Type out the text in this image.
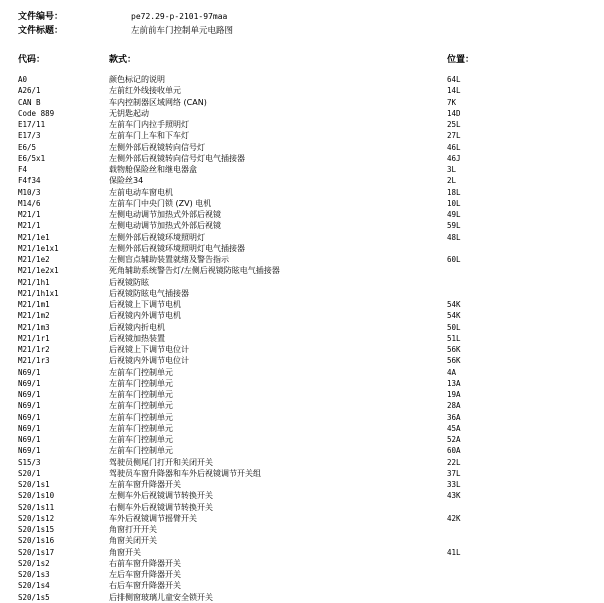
文件编号：	pe72.29-p-2101-97maa
文件标题：	左前前车门控制单元电路图
代码：	款式：	位置：
A0	颜色标记的说明	64L
A26/1	左前红外线接收单元	14L
CAN B	车内控制器区域网络 (CAN)	7K
Code 889	无钥匙起动	14D
E17/11	左前车门内拉手照明灯	25L
E17/3	左前车门上车和下车灯	27L
E6/5	左侧外部后视镜转向信号灯	46L
E6/5x1	左侧外部后视镜转向信号灯电气插接器	46J
F4	载物舱保险丝和继电器盒	3L
F4f34	保险丝34	2L
M10/3	左前电动车窗电机	18L
M14/6	左前车门中央门锁 (ZV) 电机	10L
M21/1	左侧电动调节加热式外部后视镜	49L
M21/1	左侧电动调节加热式外部后视镜	59L
M21/1e1	左侧外部后视镜环境照明灯	48L
M21/1e1x1	左侧外部后视镜环境照明灯电气插接器
M21/1e2	左侧盲点辅助装置就绪及警告指示	60L
M21/1e2x1	死角辅助系统警告灯/左侧后视镜防眩电气插接器
M21/1h1	后视镜防眩
M21/1h1x1	后视镜防眩电气插接器
M21/1m1	后视镜上下调节电机	54K
M21/1m2	后视镜内外调节电机	54K
M21/1m3	后视镜内折电机	50L
M21/1r1	后视镜加热装置	51L
M21/1r2	后视镜上下调节电位计	56K
M21/1r3	后视镜内外调节电位计	56K
N69/1	左前车门控制单元	4A
N69/1	左前车门控制单元	13A
N69/1	左前车门控制单元	19A
N69/1	左前车门控制单元	28A
N69/1	左前车门控制单元	36A
N69/1	左前车门控制单元	45A
N69/1	左前车门控制单元	52A
N69/1	左前车门控制单元	60A
S15/3	驾驶员侧尾门打开和关闭开关	22L
S20/1	驾驶员车窗升降器和车外后视镜调节开关组	37L
S20/1s1	左前车窗升降器开关	33L
S20/1s10	左侧车外后视镜调节转换开关	43K
S20/1s11	右侧车外后视镜调节转换开关
S20/1s12	车外后视镜调节摇臂开关	42K
S20/1s15	角窗打开开关
S20/1s16	角窗关闭开关
S20/1s17	角窗开关	41L
S20/1s2	右前车窗升降器开关
S20/1s3	左后车窗升降器开关
S20/1s4	右后车窗升降器开关
S20/1s5	后排侧窗玻璃儿童安全锁开关
